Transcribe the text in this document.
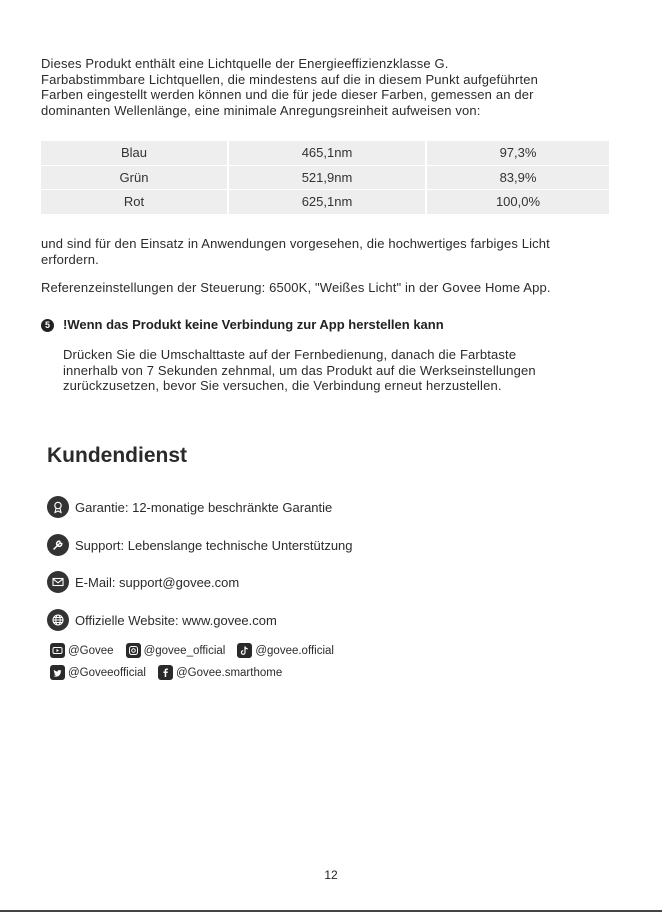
Dieses Produkt enthält eine Lichtquelle der Energieeffizienzklasse G.
Farbabstimmbare Lichtquellen, die mindestens auf die in diesem Punkt aufgeführten
Farben eingestellt werden können und die für jede dieser Farben, gemessen an der
dominanten Wellenlänge, eine minimale Anregungsreinheit aufweisen von:
Blau	465,1nm	97,3%
Grün	521,9nm	83,9%
Rot	625,1nm	100,0%
und sind für den Einsatz in Anwendungen vorgesehen, die hochwertiges farbiges Licht
erfordern.
Referenzeinstellungen der Steuerung: 6500K, "Weißes Licht" in der Govee Home App.
5 !Wenn das Produkt keine Verbindung zur App herstellen kann
Drücken Sie die Umschalttaste auf der Fernbedienung, danach die Farbtaste
innerhalb von 7 Sekunden zehnmal, um das Produkt auf die Werkseinstellungen
zurückzusetzen, bevor Sie versuchen, die Verbindung erneut herzustellen.
Kundendienst
Garantie: 12-monatige beschränkte Garantie
Support: Lebenslange technische Unterstützung
E-Mail: support@govee.com
Offizielle Website: www.govee.com
@Govee	@govee_official	@govee.official
@Goveeofficial	@Govee.smarthome
12
